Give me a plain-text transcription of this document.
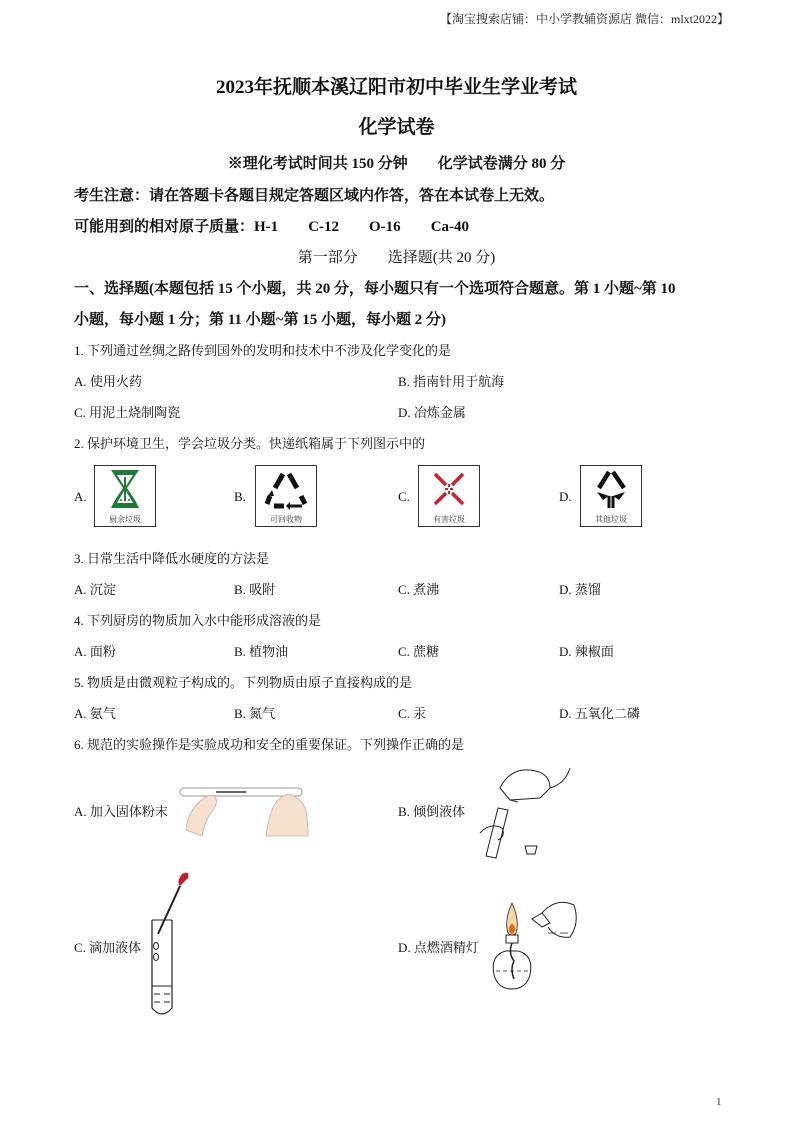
【淘宝搜索店铺：中小学教辅资源店 微信：mlxt2022】
2023年抚顺本溪辽阳市初中毕业生学业考试
化学试卷
※理化考试时间共 150 分钟 化学试卷满分 80 分
考生注意：请在答题卡各题目规定答题区域内作答，答在本试卷上无效。
可能用到的相对原子质量：H-1 C-12 O-16 Ca-40
第一部分 选择题(共 20 分)
一、选择题(本题包括 15 个小题，共 20 分，每小题只有一个选项符合题意。第 1 小题~第 10
小题，每小题 1 分；第 11 小题~第 15 小题，每小题 2 分)
1. 下列通过丝绸之路传到国外的发明和技术中不涉及化学变化的是
A. 使用火药	B. 指南针用于航海
C. 用泥土烧制陶瓷	D. 冶炼金属
2. 保护环境卫生，学会垃圾分类。快递纸箱属于下列图示中的
A.
厨余垃圾
B.
可回收物
C.
有害垃圾
D.
其他垃圾
3. 日常生活中降低水硬度的方法是
A. 沉淀	B. 吸附	C. 煮沸	D. 蒸馏
4. 下列厨房的物质加入水中能形成溶液的是
A. 面粉	B. 植物油	C. 蔗糖	D. 辣椒面
5. 物质是由微观粒子构成的。下列物质由原子直接构成的是
A. 氨气	B. 氮气	C. 汞	D. 五氧化二磷
6. 规范的实验操作是实验成功和安全的重要保证。下列操作正确的是
A. 加入固体粉末	B. 倾倒液体
C. 滴加液体	D. 点燃酒精灯
1
